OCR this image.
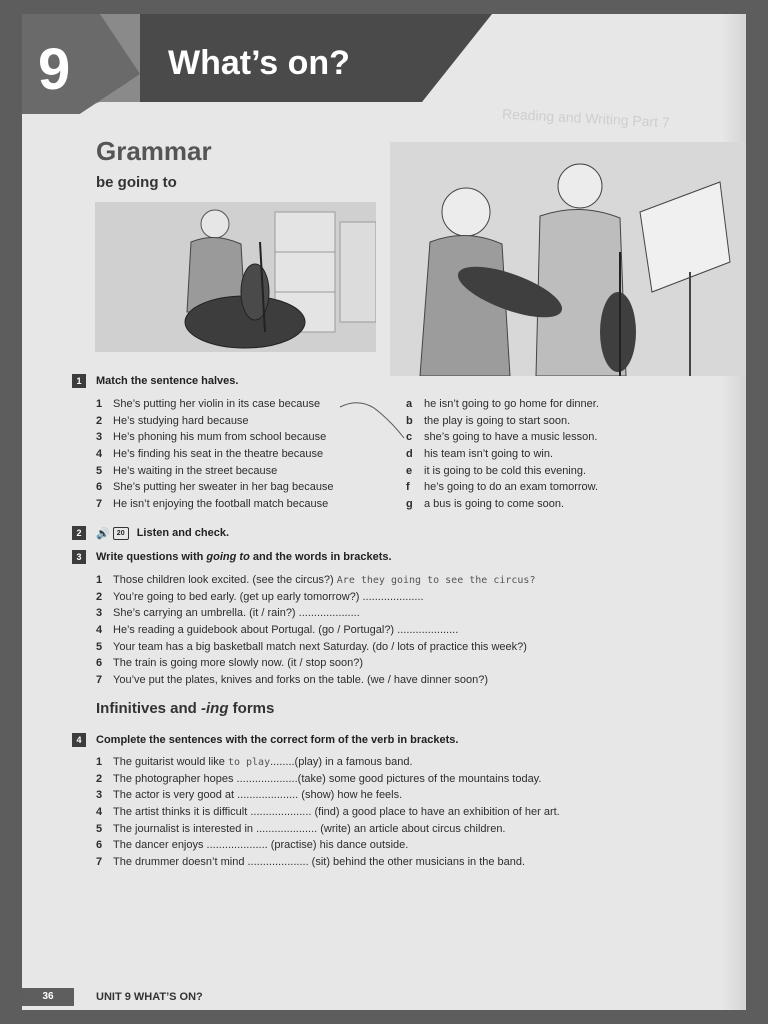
9	What’s on?
Reading and Writing Part 7
Grammar
be going to
1	Match the sentence halves.
1 She’s putting her violin in its case because
2 He’s studying hard because
3 He’s phoning his mum from school because
4 He’s finding his seat in the theatre because
5 He’s waiting in the street because
6 She’s putting her sweater in her bag because
7 He isn’t enjoying the football match because
a he isn’t going to go home for dinner.
b the play is going to start soon.
c she’s going to have a music lesson.
d his team isn’t going to win.
e it is going to be cold this evening.
f he’s going to do an exam tomorrow.
g a bus is going to come soon.
2	🔊	20	Listen and check.
3	Write questions with going to and the words in brackets.
1 Those children look excited. (see the circus?) Are they going to see the circus?
2 You’re going to bed early. (get up early tomorrow?) ....................
3 She’s carrying an umbrella. (it / rain?) ....................
4 He’s reading a guidebook about Portugal. (go / Portugal?) ....................
5 Your team has a big basketball match next Saturday. (do / lots of practice this week?)
6 The train is going more slowly now. (it / stop soon?)
7 You’ve put the plates, knives and forks on the table. (we / have dinner soon?)
Infinitives and -ing forms
4	Complete the sentences with the correct form of the verb in brackets.
1 The guitarist would like to play........(play) in a famous band.
2 The photographer hopes ....................(take) some good pictures of the mountains today.
3 The actor is very good at .................... (show) how he feels.
4 The artist thinks it is difficult .................... (find) a good place to have an exhibition of her art.
5 The journalist is interested in .................... (write) an article about circus children.
6 The dancer enjoys .................... (practise) his dance outside.
7 The drummer doesn’t mind .................... (sit) behind the other musicians in the band.
36	UNIT 9 WHAT’S ON?
